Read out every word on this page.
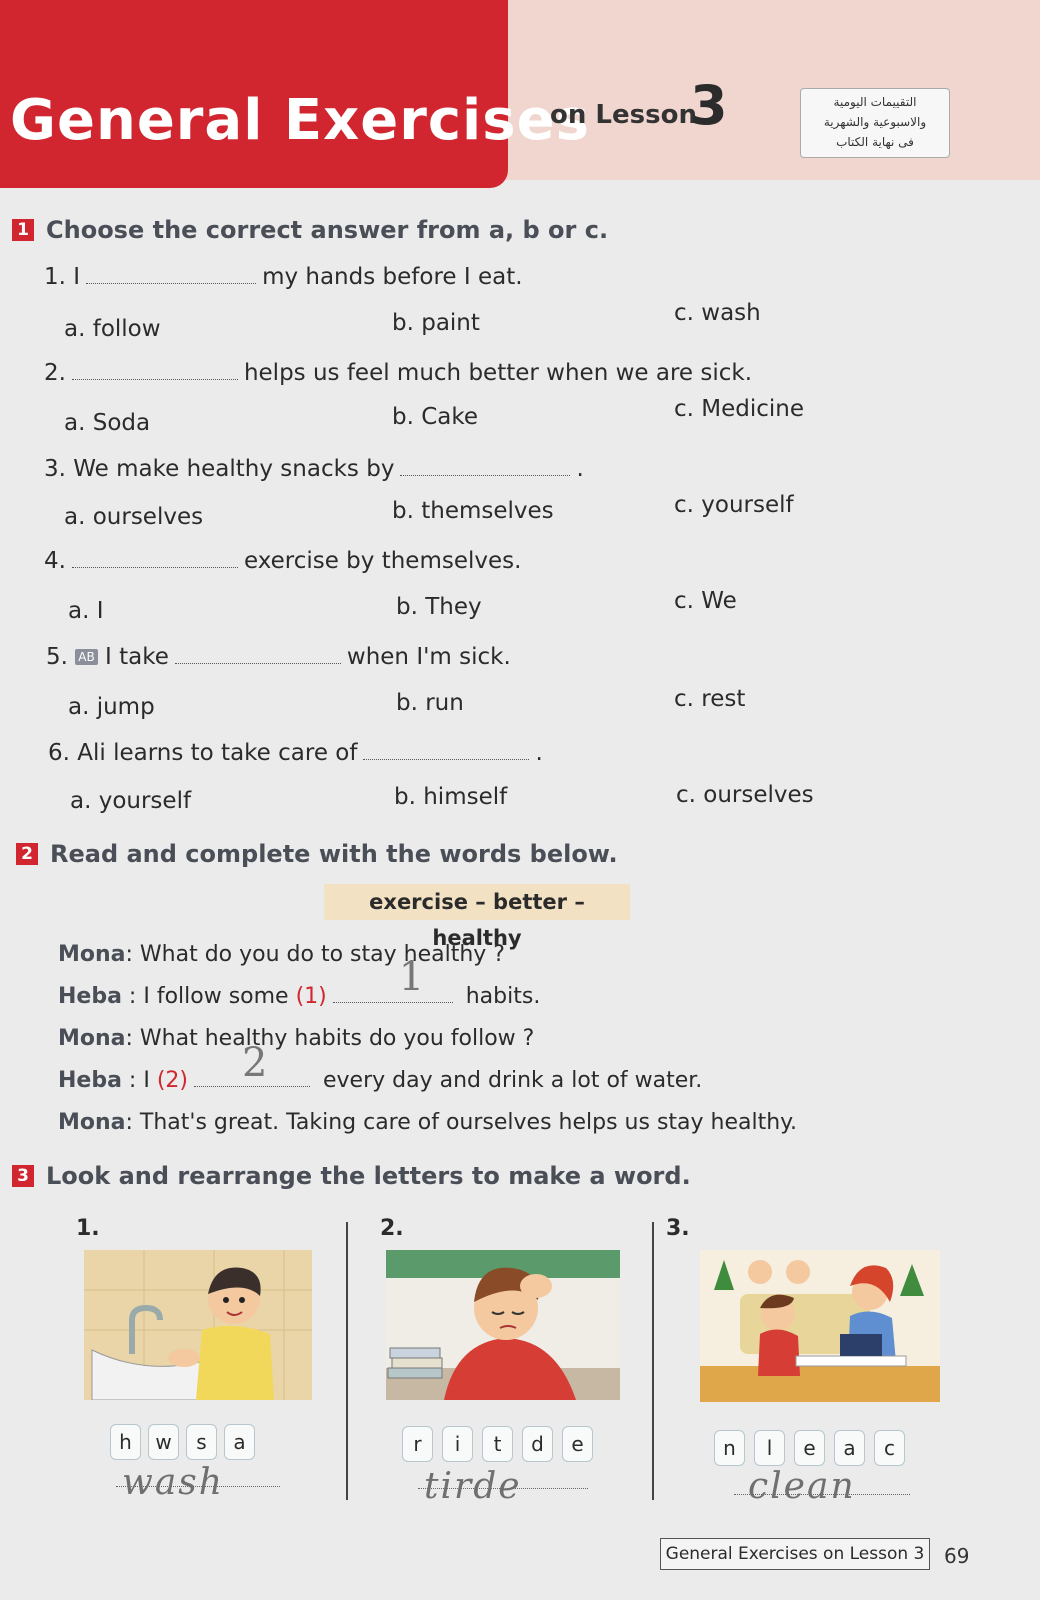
General Exercises
on Lesson
3	التقييمات اليومية
والاسبوعية والشهرية
فى نهاية الكتاب
1 Choose the correct answer from a, b or c.
1. I	my hands before I eat.
a. follow	b. paint	c. wash
2.	helps us feel much better when we are sick.
a. Soda	b. Cake	c. Medicine
3. We make healthy snacks by	.
a. ourselves	b. themselves	c. yourself
4.	exercise by themselves.
a. I	b. They	c. We
5. AB I take	when I'm sick.
a. jump	b. run	c. rest
6. Ali learns to take care of	.
a. yourself	b. himself	c. ourselves
2 Read and complete with the words below.
exercise – better – healthy
Mona: What do you do to stay healthy ?
Heba : I follow some (1) 1 habits.
Mona: What healthy habits do you follow ?
Heba : I (2) 2 every day and drink a lot of water.
Mona: That's great. Taking care of ourselves helps us stay healthy.
3 Look and rearrange the letters to make a word.
1.	2.	3.
h	w	s	a
wash
r	i	t	d	e
tirde
n	l	e	a	c
clean
General Exercises on Lesson 3 69
